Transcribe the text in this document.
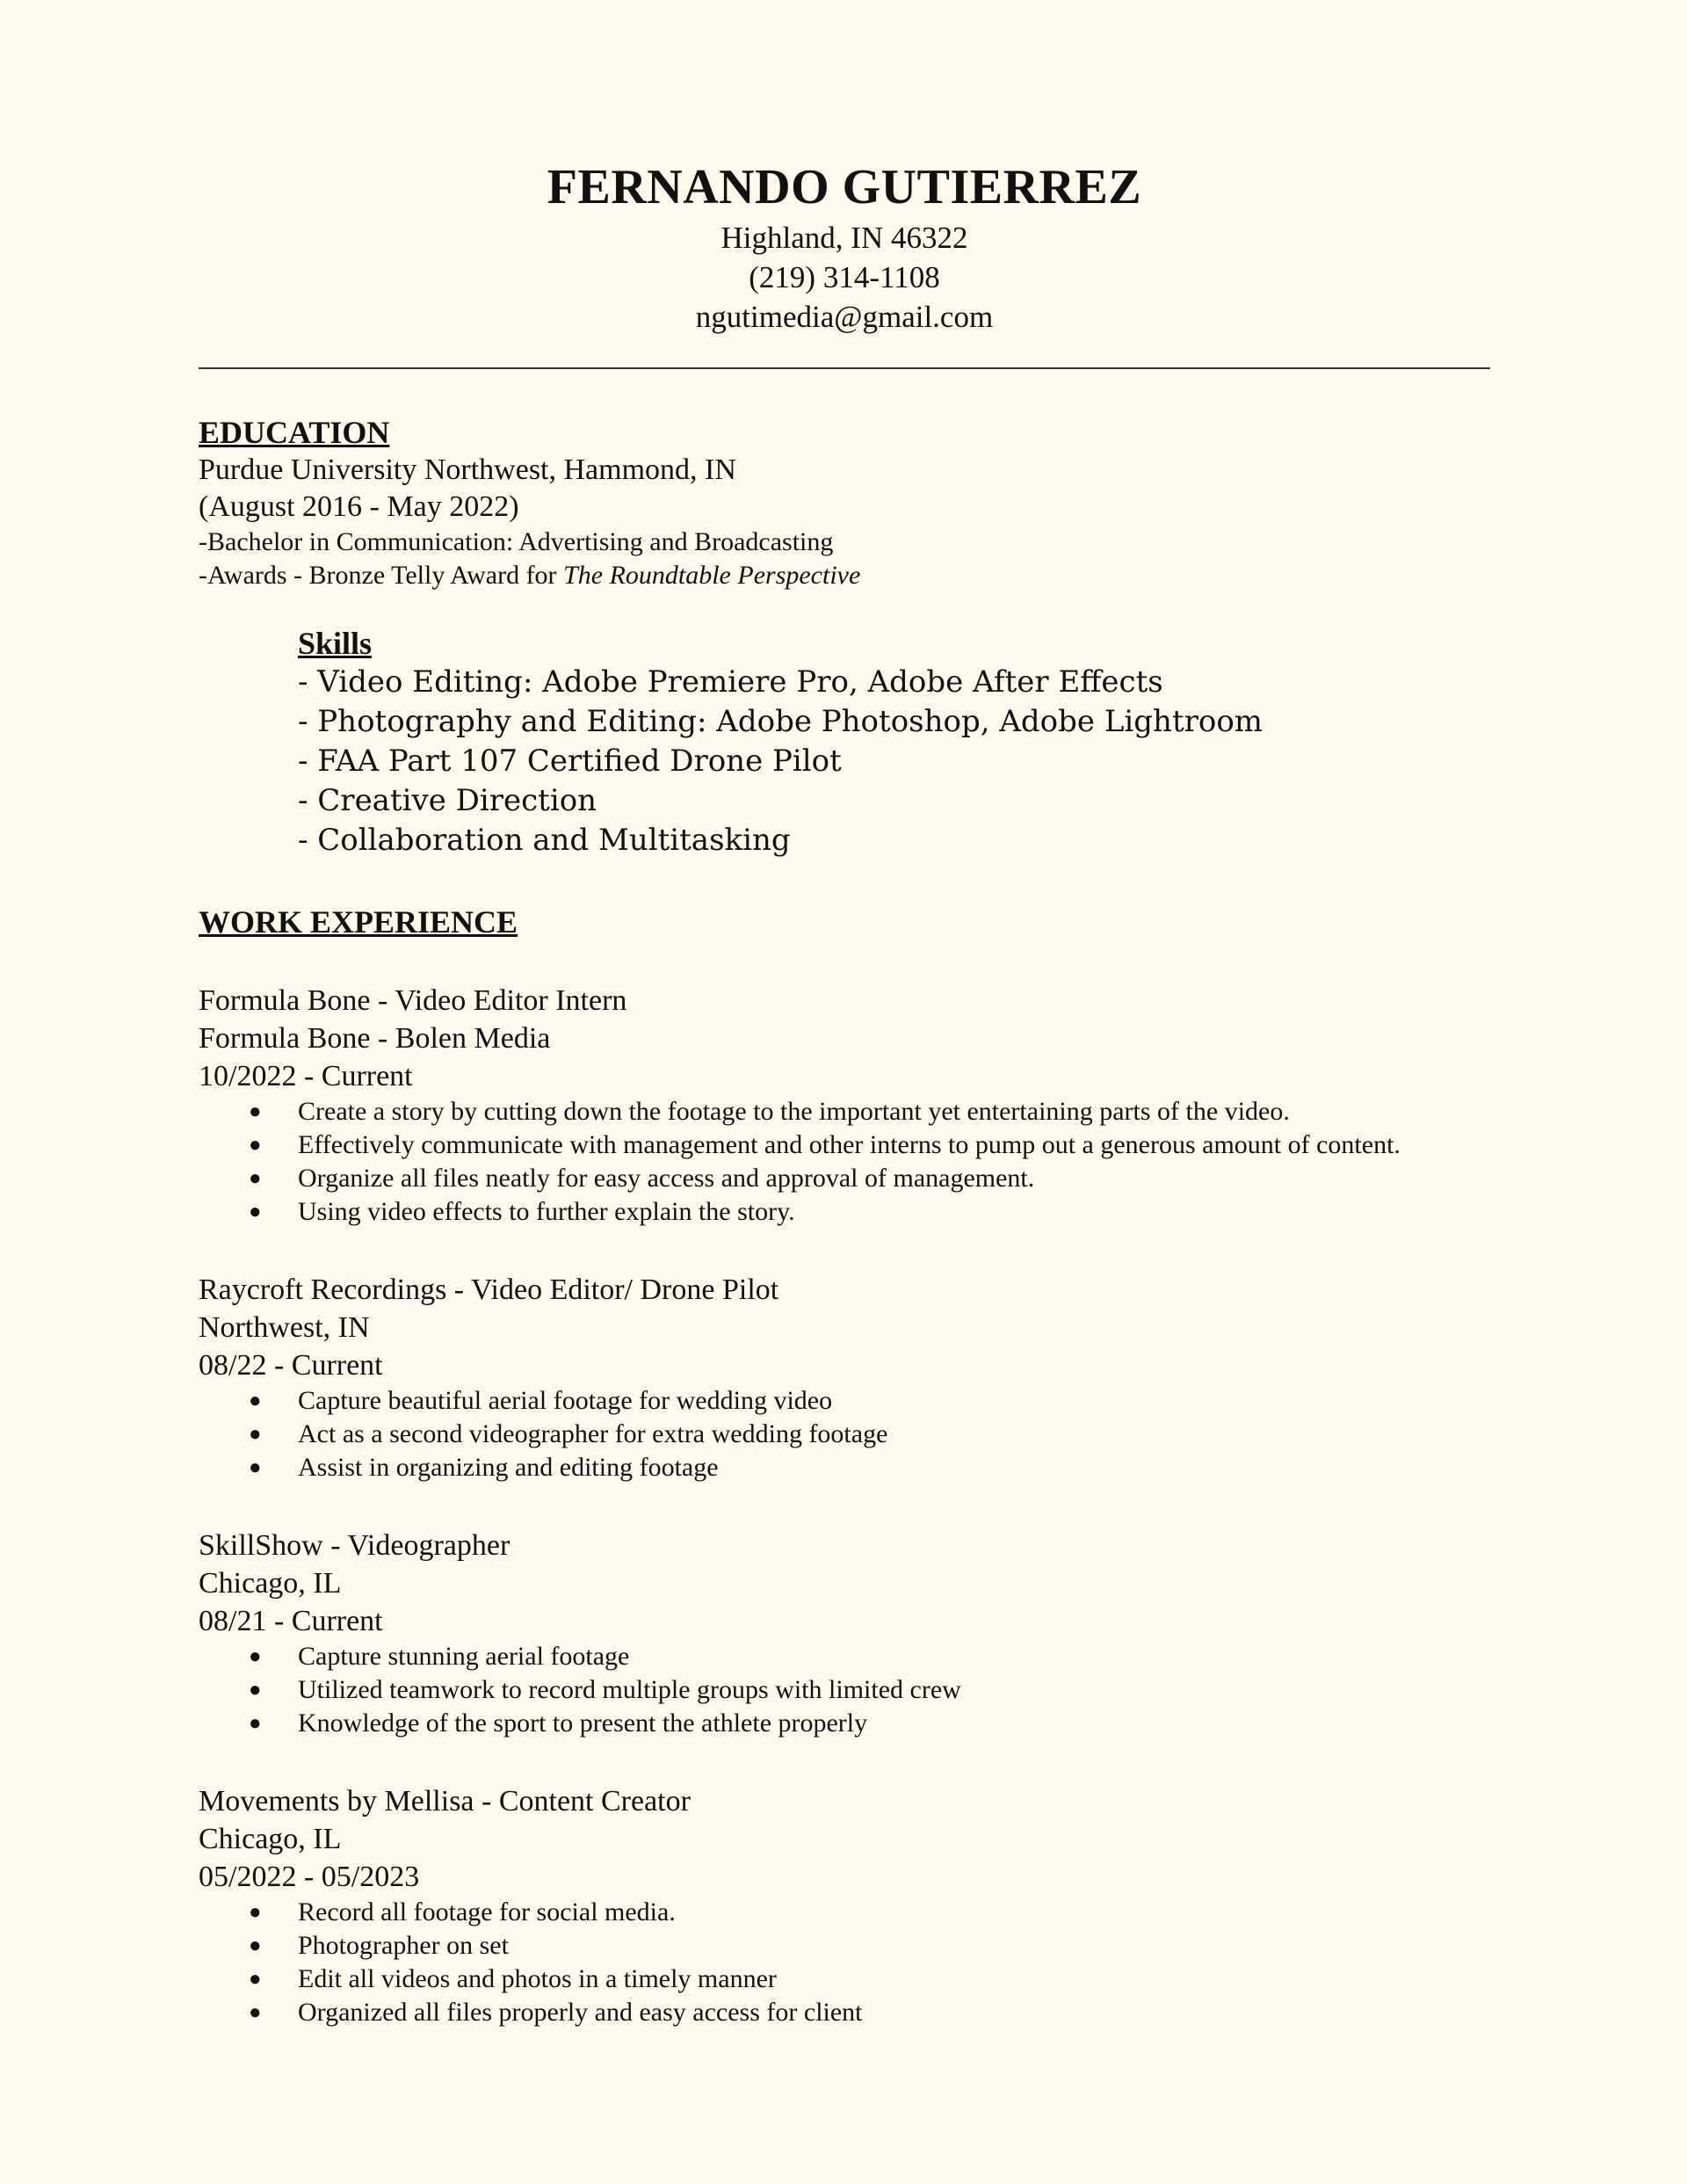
FERNANDO GUTIERREZ
Highland, IN 46322
(219) 314-1108
ngutimedia@gmail.com
EDUCATION
Purdue University Northwest, Hammond, IN
(August 2016 - May 2022)
-Bachelor in Communication: Advertising and Broadcasting
-Awards - Bronze Telly Award for The Roundtable Perspective
Skills
- Video Editing: Adobe Premiere Pro, Adobe After Effects
- Photography and Editing: Adobe Photoshop, Adobe Lightroom
- FAA Part 107 Certified Drone Pilot
- Creative Direction
- Collaboration and Multitasking
WORK EXPERIENCE
Formula Bone - Video Editor Intern
Formula Bone - Bolen Media
10/2022 - Current
● Create a story by cutting down the footage to the important yet entertaining parts of the video.
● Effectively communicate with management and other interns to pump out a generous amount of content.
● Organize all files neatly for easy access and approval of management.
● Using video effects to further explain the story.
Raycroft Recordings - Video Editor/ Drone Pilot
Northwest, IN
08/22 - Current
● Capture beautiful aerial footage for wedding video
● Act as a second videographer for extra wedding footage
● Assist in organizing and editing footage
SkillShow - Videographer
Chicago, IL
08/21 - Current
● Capture stunning aerial footage
● Utilized teamwork to record multiple groups with limited crew
● Knowledge of the sport to present the athlete properly
Movements by Mellisa - Content Creator
Chicago, IL
05/2022 - 05/2023
● Record all footage for social media.
● Photographer on set
● Edit all videos and photos in a timely manner
● Organized all files properly and easy access for client
